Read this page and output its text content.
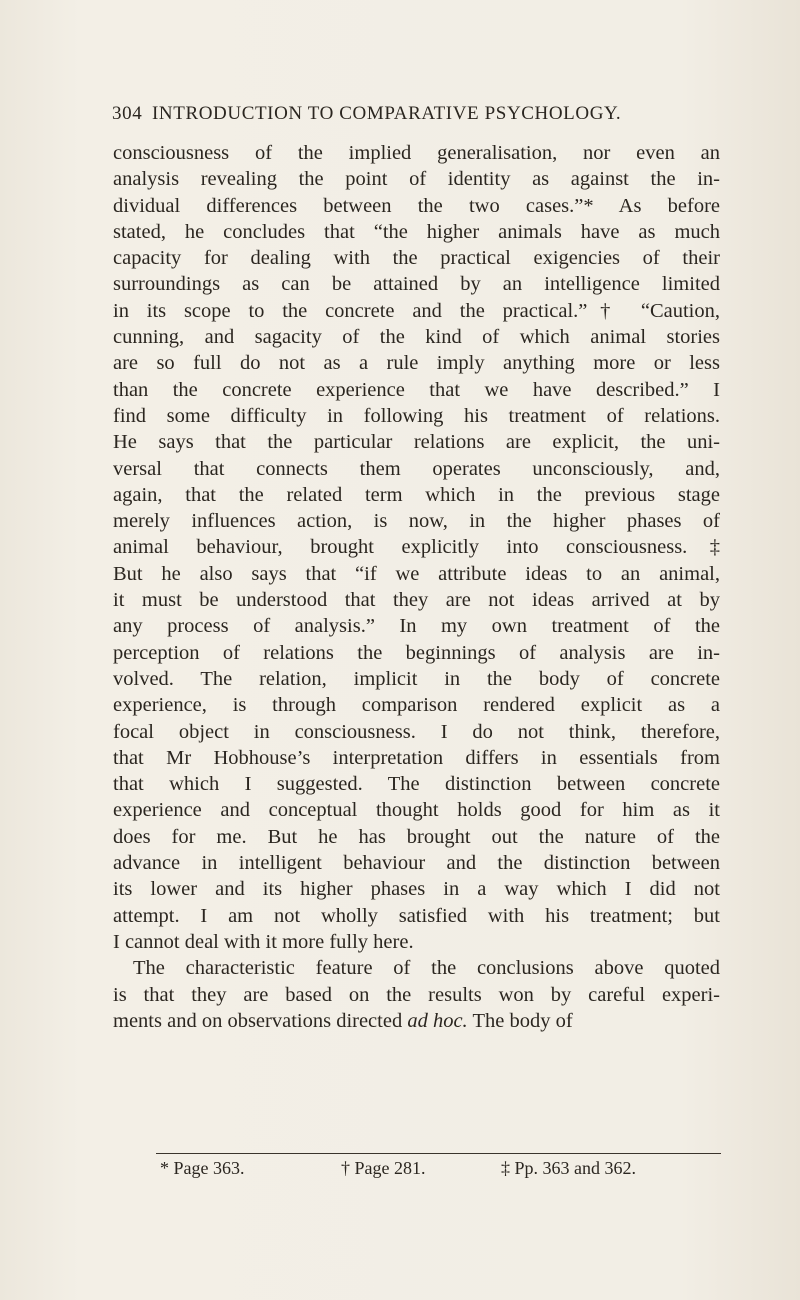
304 INTRODUCTION TO COMPARATIVE PSYCHOLOGY.
consciousness of the implied generalisation, nor even an
analysis revealing the point of identity as against the in-
dividual differences between the two cases.”* As before
stated, he concludes that “the higher animals have as much
capacity for dealing with the practical exigencies of their
surroundings as can be attained by an intelligence limited
in its scope to the concrete and the practical.”† “Caution,
cunning, and sagacity of the kind of which animal stories
are so full do not as a rule imply anything more or less
than the concrete experience that we have described.” I
find some difficulty in following his treatment of relations.
He says that the particular relations are explicit, the uni-
versal that connects them operates unconsciously, and,
again, that the related term which in the previous stage
merely influences action, is now, in the higher phases of
animal behaviour, brought explicitly into consciousness.‡
But he also says that “if we attribute ideas to an animal,
it must be understood that they are not ideas arrived at by
any process of analysis.” In my own treatment of the
perception of relations the beginnings of analysis are in-
volved. The relation, implicit in the body of concrete
experience, is through comparison rendered explicit as a
focal object in consciousness. I do not think, therefore,
that Mr Hobhouse’s interpretation differs in essentials from
that which I suggested. The distinction between concrete
experience and conceptual thought holds good for him as it
does for me. But he has brought out the nature of the
advance in intelligent behaviour and the distinction between
its lower and its higher phases in a way which I did not
attempt. I am not wholly satisfied with his treatment; but
I cannot deal with it more fully here.
The characteristic feature of the conclusions above quoted
is that they are based on the results won by careful experi-
ments and on observations directed ad hoc. The body of
* Page 363.	† Page 281.	‡ Pp. 363 and 362.
